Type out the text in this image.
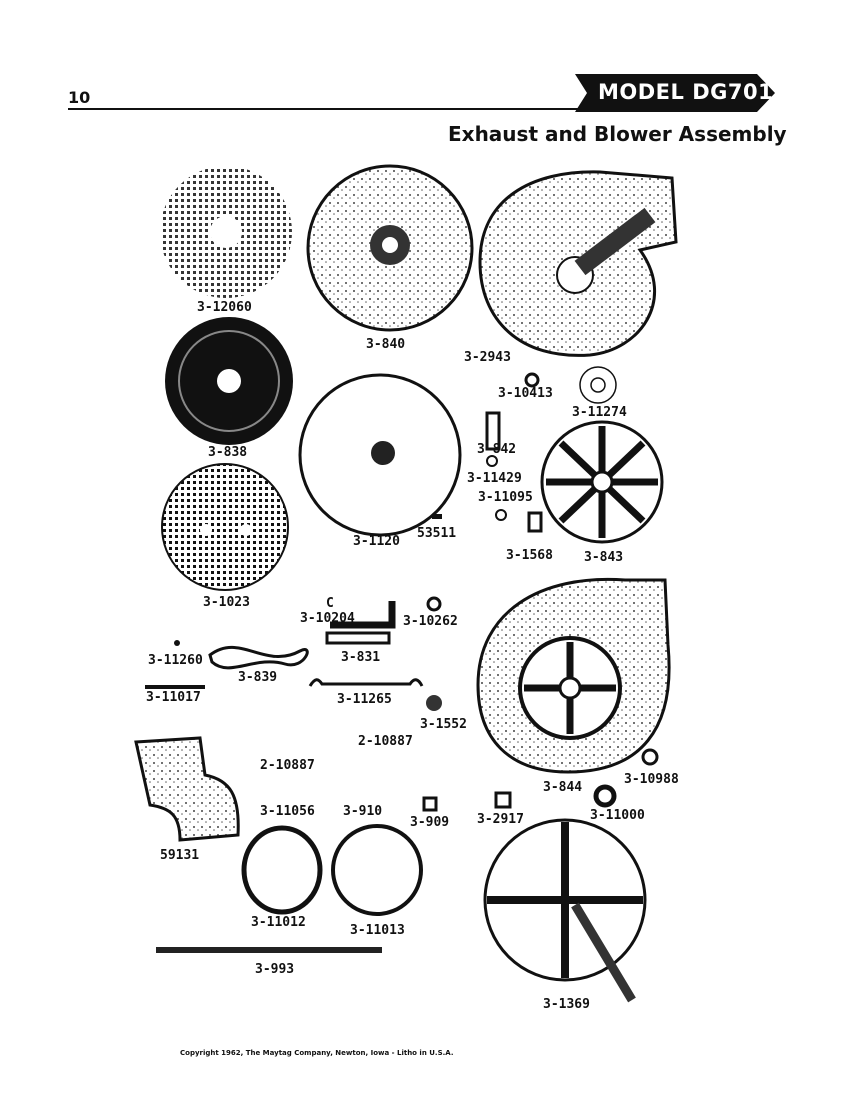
10	MODEL DG701
Exhaust and Blower Assembly
3-12060
3-840
3-2943
3-838
3-10413
3-11274
3-842
3-11429
3-11095
3-1023
3-1120
53511
3-1568 3-843
C
3-10204	3-10262
3-11260	3-831
3-839
3-11017	3-11265
3-1552
2-10887
2-10887
3-844
3-10988
3-11056 3-910
3-909 3-2917	3-11000
59131
3-11012
3-11013
3-993
3-1369
Copyright 1962, The Maytag Company, Newton, Iowa - Litho in U.S.A.
